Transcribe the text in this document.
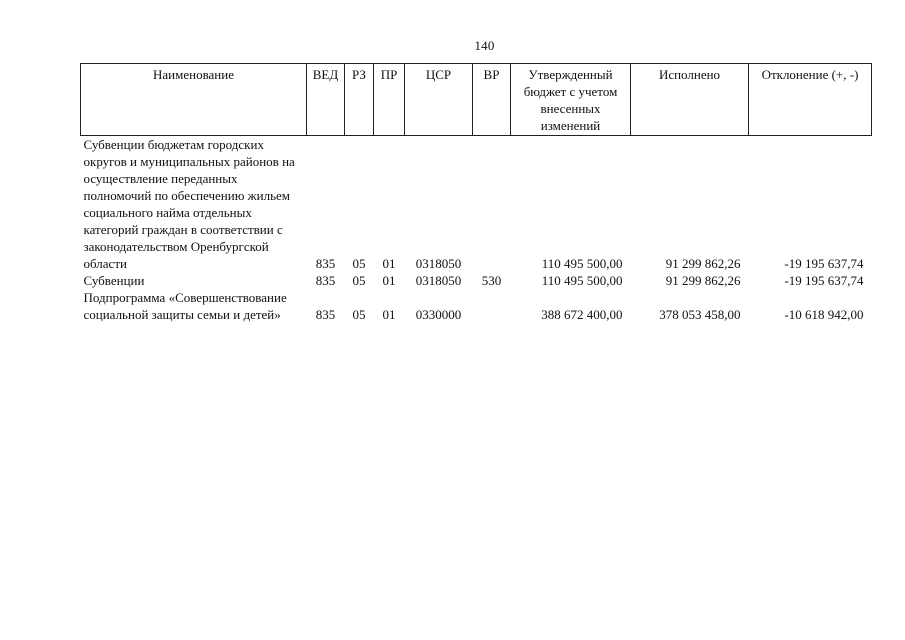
140
Наименование	ВЕД	РЗ	ПР	ЦСР	ВР	Утвержденный бюджет с учетом внесенных изменений	Исполнено	Отклонение (+, -)
Субвенции бюджетам городских округов и муниципальных районов на осуществление переданных полномочий по обеспечению жильем социального найма отдельных категорий граждан в соответствии с законодательством Оренбургской области	835	05	01	0318050		110 495 500,00	91 299 862,26	-19 195 637,74
Субвенции	835	05	01	0318050	530	110 495 500,00	91 299 862,26	-19 195 637,74
Подпрограмма «Совершенствование социальной защиты семьи и детей»	835	05	01	0330000		388 672 400,00	378 053 458,00	-10 618 942,00
